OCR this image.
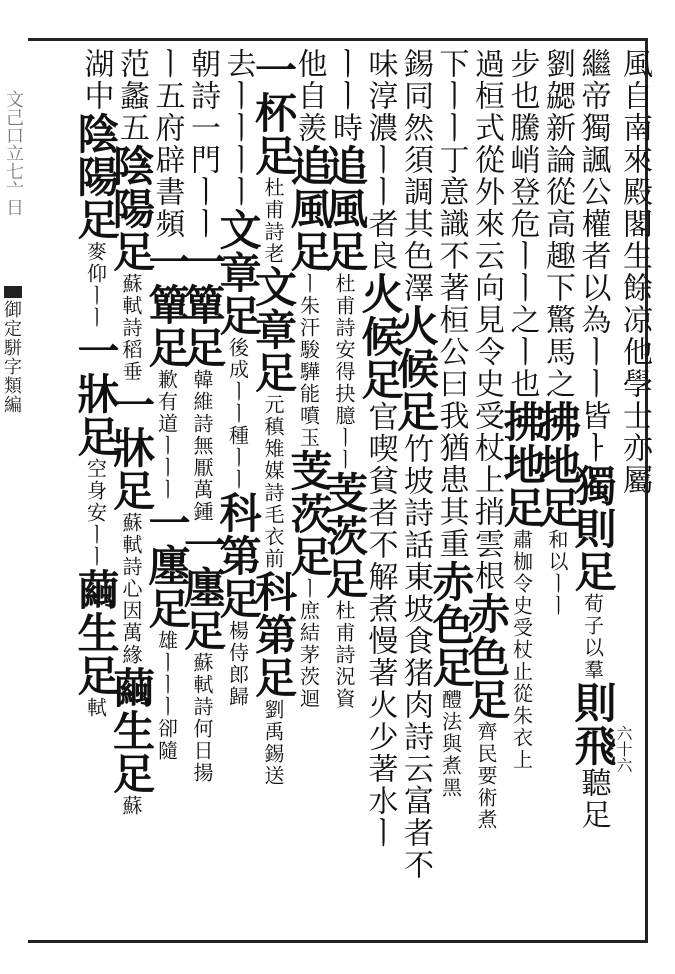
文己口立七亠日
御定駢字類編
六十六
風自南來殿閣生餘凉他學士亦屬
繼帝獨諷公權者以為ㅣㅣ皆ㅏ獨則足荀子以羣則飛聽足
劉勰新論從高趣下驚馬之拂地足和以ㅣㅣ
步也騰峭登危ㅣㅣ之ㅣ也拂地足肅枷令史受杖止從朱衣上
過桓式從外來云向見令史受杖上捎雲根赤色足齊民要術煮
下ㅣㅣ丁意識不著桓公曰我猶患其重赤色足醴法與煮黑
錫同然須調其色澤火候足竹坡詩話東坡食猪肉詩云富者不
味淳濃ㅣㅣ者良火候足官喫貧者不解煮慢著火少著水ㅣ
ㅣㅣ時追風足杜甫詩安得抉臆ㅣㅣ芰茨足杜甫詩況資
他自羨追風足ㅣ朱汗駿驊能噴玉芰茨足ㅣ庶結茅茨迴
一杯足杜甫詩老文章足元稹雉媒詩毛衣前科第足劉禹錫送
去ㅣㅣㅣㅣ文章足後成ㅣㅣ種ㅣㅣ科第足楊侍郎歸
朝詩一門ㅣㅣ一簞足韓維詩無厭萬鍾一廛足蘇軾詩何日揚
ㅣ五府辟書頻一簞足歉有道ㅣㅣㅣ一廛足雄ㅣㅣㅣ卻隨
范蠡五陰陽足蘇軾詩稻垂一牀足蘇軾詩心因萬緣繭生足蘇
湖中陰陽足麥仰ㅣㅣ一牀足空身安ㅣㅣ繭生足軾
